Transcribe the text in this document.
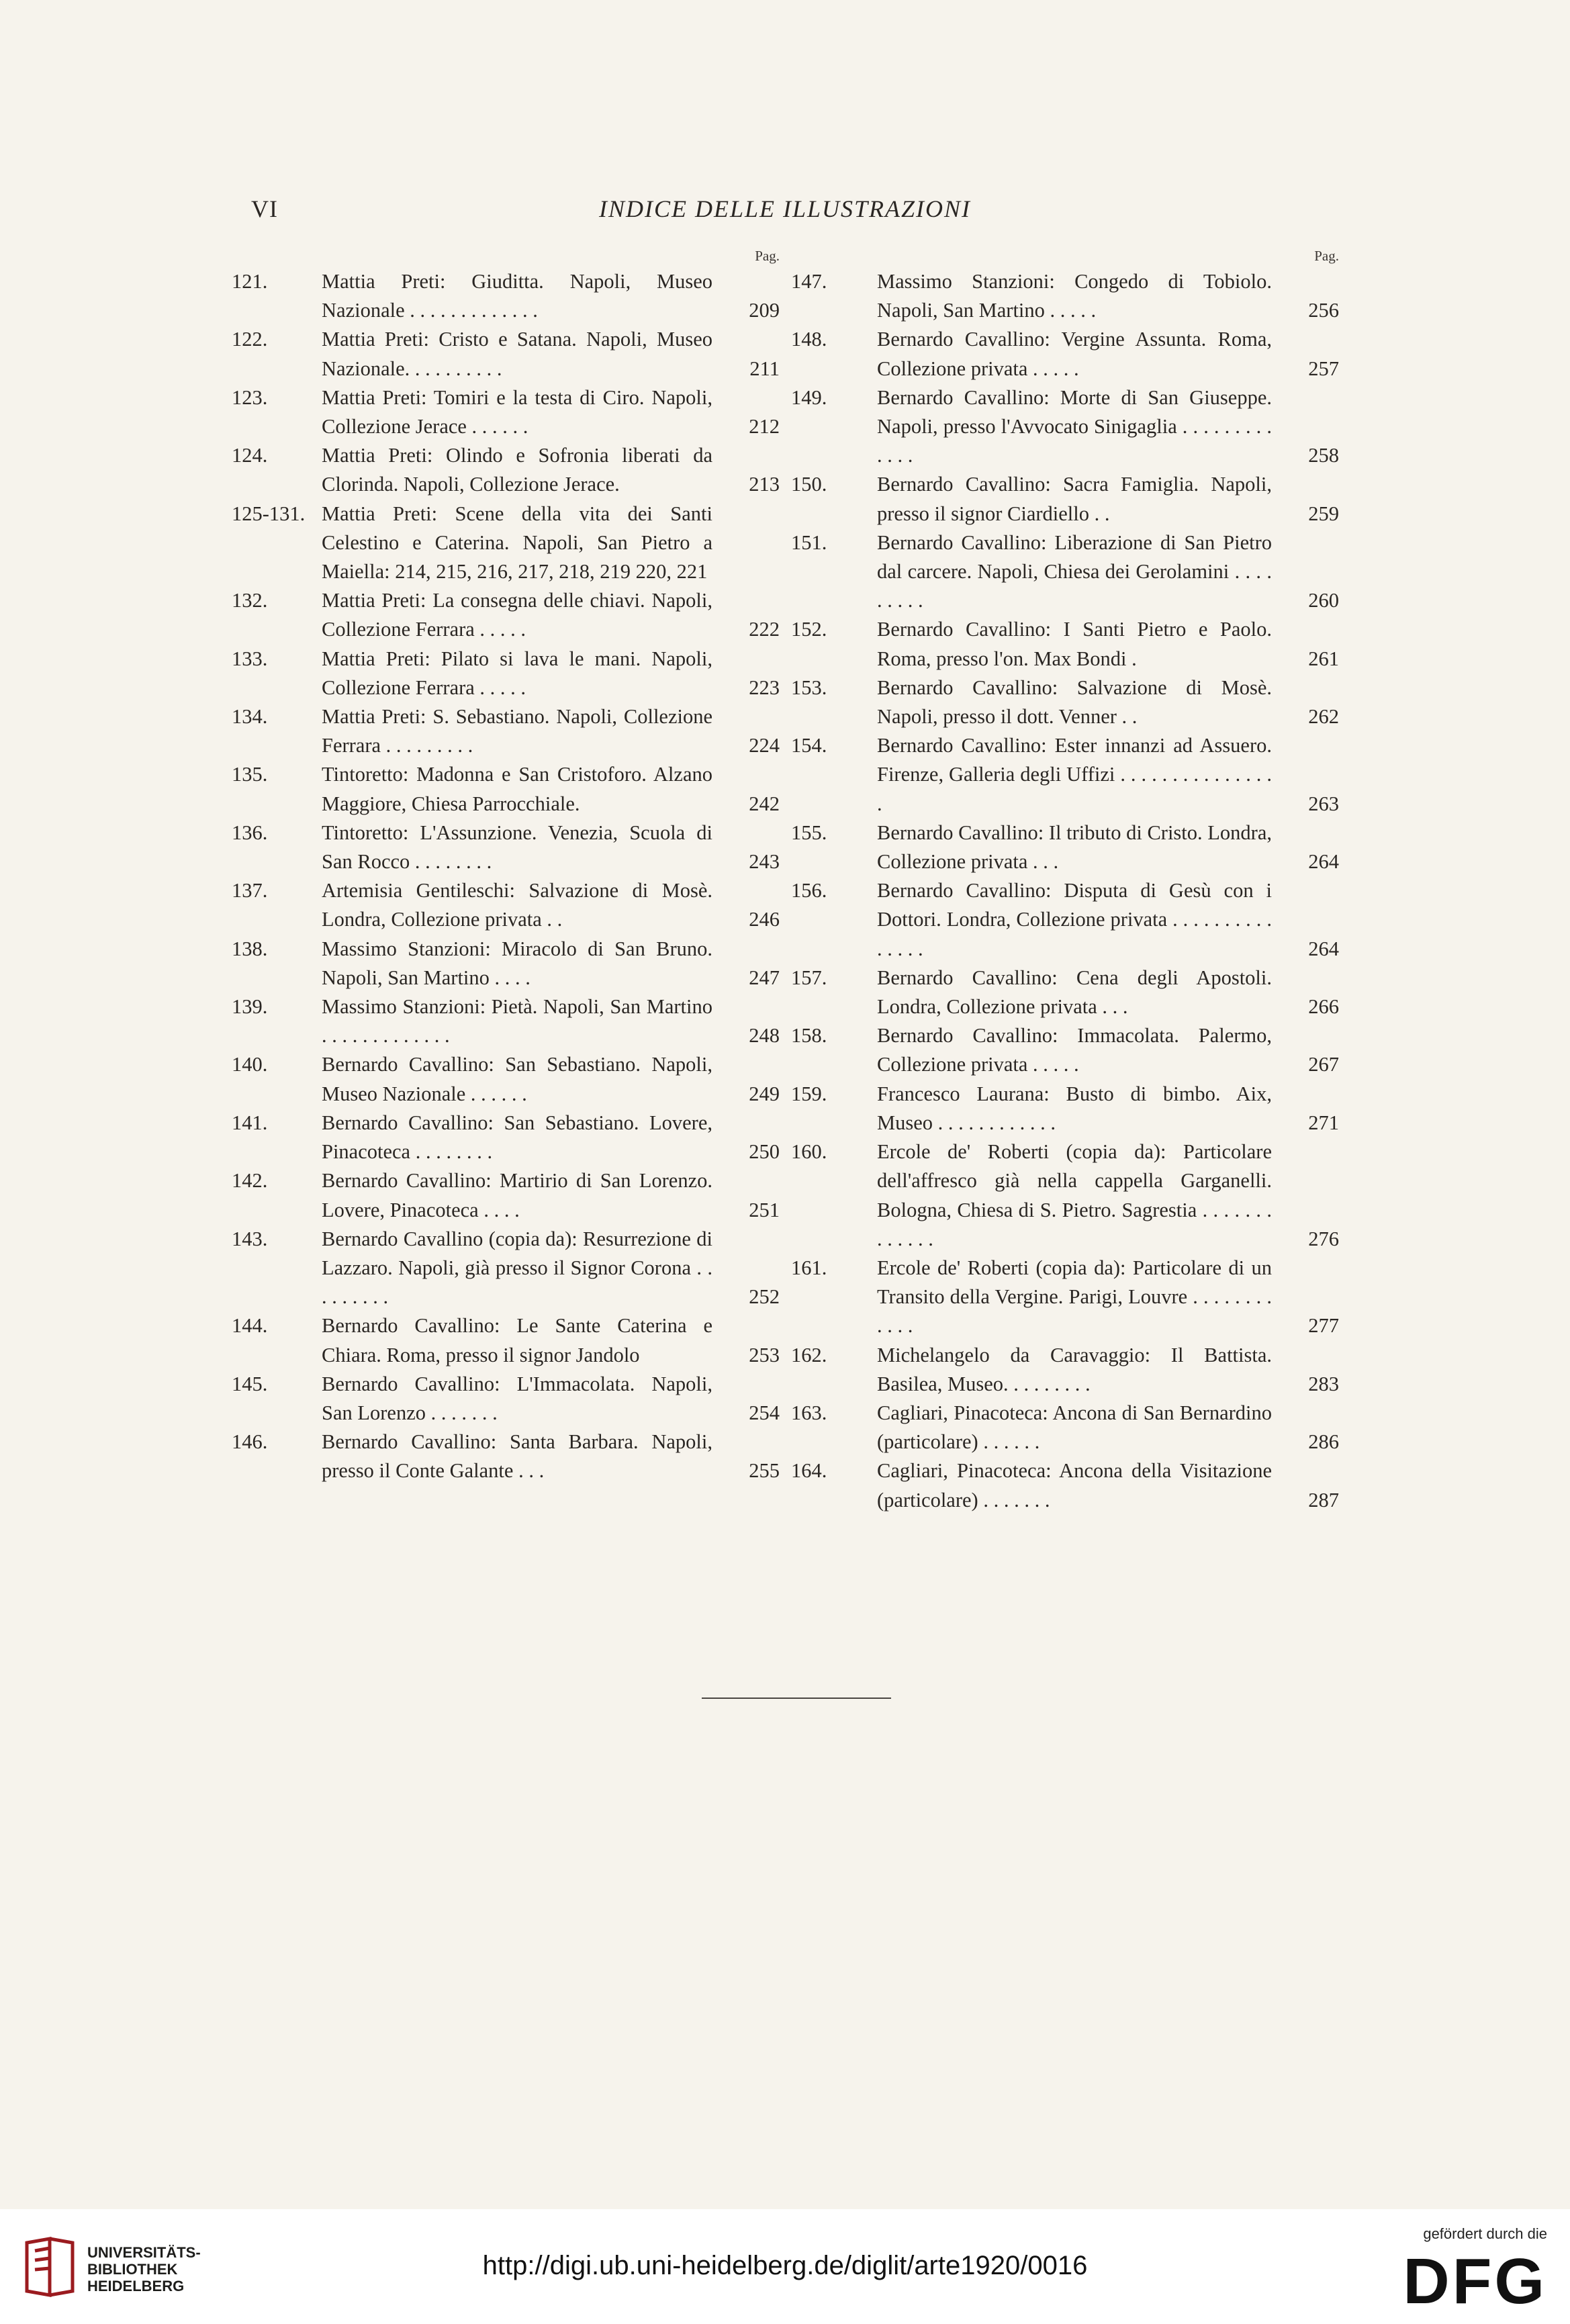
VI	INDICE DELLE ILLUSTRAZIONI
Pag.
121.	Mattia Preti: Giuditta. Napoli, Museo Nazionale . . . . . . . . . . . . .	209
122.	Mattia Preti: Cristo e Satana. Napoli, Museo Nazionale. . . . . . . . . .	211
123.	Mattia Preti: Tomiri e la testa di Ciro. Napoli, Collezione Jerace . . . . . .	212
124.	Mattia Preti: Olindo e Sofronia liberati da Clorinda. Napoli, Collezione Jerace.	213
125-131. Mattia Preti: Scene della vita dei Santi Celestino e Caterina. Napoli, San Pietro a Maiella: 214, 215, 216, 217, 218, 219 220, 221
132.	Mattia Preti: La consegna delle chiavi. Napoli, Collezione Ferrara . . . . .	222
133.	Mattia Preti: Pilato si lava le mani. Napoli, Collezione Ferrara . . . . .	223
134.	Mattia Preti: S. Sebastiano. Napoli, Collezione Ferrara . . . . . . . . .	224
135.	Tintoretto: Madonna e San Cristoforo. Alzano Maggiore, Chiesa Parrocchiale.	242
136.	Tintoretto: L'Assunzione. Venezia, Scuola di San Rocco . . . . . . . .	243
137.	Artemisia Gentileschi: Salvazione di Mosè. Londra, Collezione privata . .	246
138.	Massimo Stanzioni: Miracolo di San Bruno. Napoli, San Martino . . . .	247
139.	Massimo Stanzioni: Pietà. Napoli, San Martino . . . . . . . . . . . . .	248
140.	Bernardo Cavallino: San Sebastiano. Napoli, Museo Nazionale . . . . . .	249
141.	Bernardo Cavallino: San Sebastiano. Lovere, Pinacoteca . . . . . . . .	250
142.	Bernardo Cavallino: Martirio di San Lorenzo. Lovere, Pinacoteca . . . .	251
143.	Bernardo Cavallino (copia da): Resurrezione di Lazzaro. Napoli, già presso il Signor Corona . . . . . . . . .	252
144.	Bernardo Cavallino: Le Sante Caterina e Chiara. Roma, presso il signor Jandolo	253
145.	Bernardo Cavallino: L'Immacolata. Napoli, San Lorenzo . . . . . . .	254
146.	Bernardo Cavallino: Santa Barbara. Napoli, presso il Conte Galante . . .	255
Pag.
147.	Massimo Stanzioni: Congedo di Tobiolo. Napoli, San Martino . . . . .	256
148.	Bernardo Cavallino: Vergine Assunta. Roma, Collezione privata . . . . .	257
149.	Bernardo Cavallino: Morte di San Giuseppe. Napoli, presso l'Avvocato Sinigaglia . . . . . . . . . . . . .	258
150.	Bernardo Cavallino: Sacra Famiglia. Napoli, presso il signor Ciardiello . .	259
151.	Bernardo Cavallino: Liberazione di San Pietro dal carcere. Napoli, Chiesa dei Gerolamini . . . . . . . . .	260
152.	Bernardo Cavallino: I Santi Pietro e Paolo. Roma, presso l'on. Max Bondi .	261
153.	Bernardo Cavallino: Salvazione di Mosè. Napoli, presso il dott. Venner . .	262
154.	Bernardo Cavallino: Ester innanzi ad Assuero. Firenze, Galleria degli Uffizi . . . . . . . . . . . . . . . .	263
155.	Bernardo Cavallino: Il tributo di Cristo. Londra, Collezione privata . . .	264
156.	Bernardo Cavallino: Disputa di Gesù con i Dottori. Londra, Collezione privata . . . . . . . . . . . . . . .	264
157.	Bernardo Cavallino: Cena degli Apostoli. Londra, Collezione privata . . .	266
158.	Bernardo Cavallino: Immacolata. Palermo, Collezione privata . . . . .	267
159.	Francesco Laurana: Busto di bimbo. Aix, Museo . . . . . . . . . . . .	271
160.	Ercole de' Roberti (copia da): Particolare dell'affresco già nella cappella Garganelli. Bologna, Chiesa di S. Pietro. Sagrestia . . . . . . . . . . . . .	276
161.	Ercole de' Roberti (copia da): Particolare di un Transito della Vergine. Parigi, Louvre . . . . . . . . . . . .	277
162.	Michelangelo da Caravaggio: Il Battista. Basilea, Museo. . . . . . . . .	283
163.	Cagliari, Pinacoteca: Ancona di San Bernardino (particolare) . . . . . .	286
164.	Cagliari, Pinacoteca: Ancona della Visitazione (particolare) . . . . . . .	287
UNIVERSITÄTS-
BIBLIOTHEK
HEIDELBERG
http://digi.ub.uni-heidelberg.de/diglit/arte1920/0016
gefördert durch die
DFG
